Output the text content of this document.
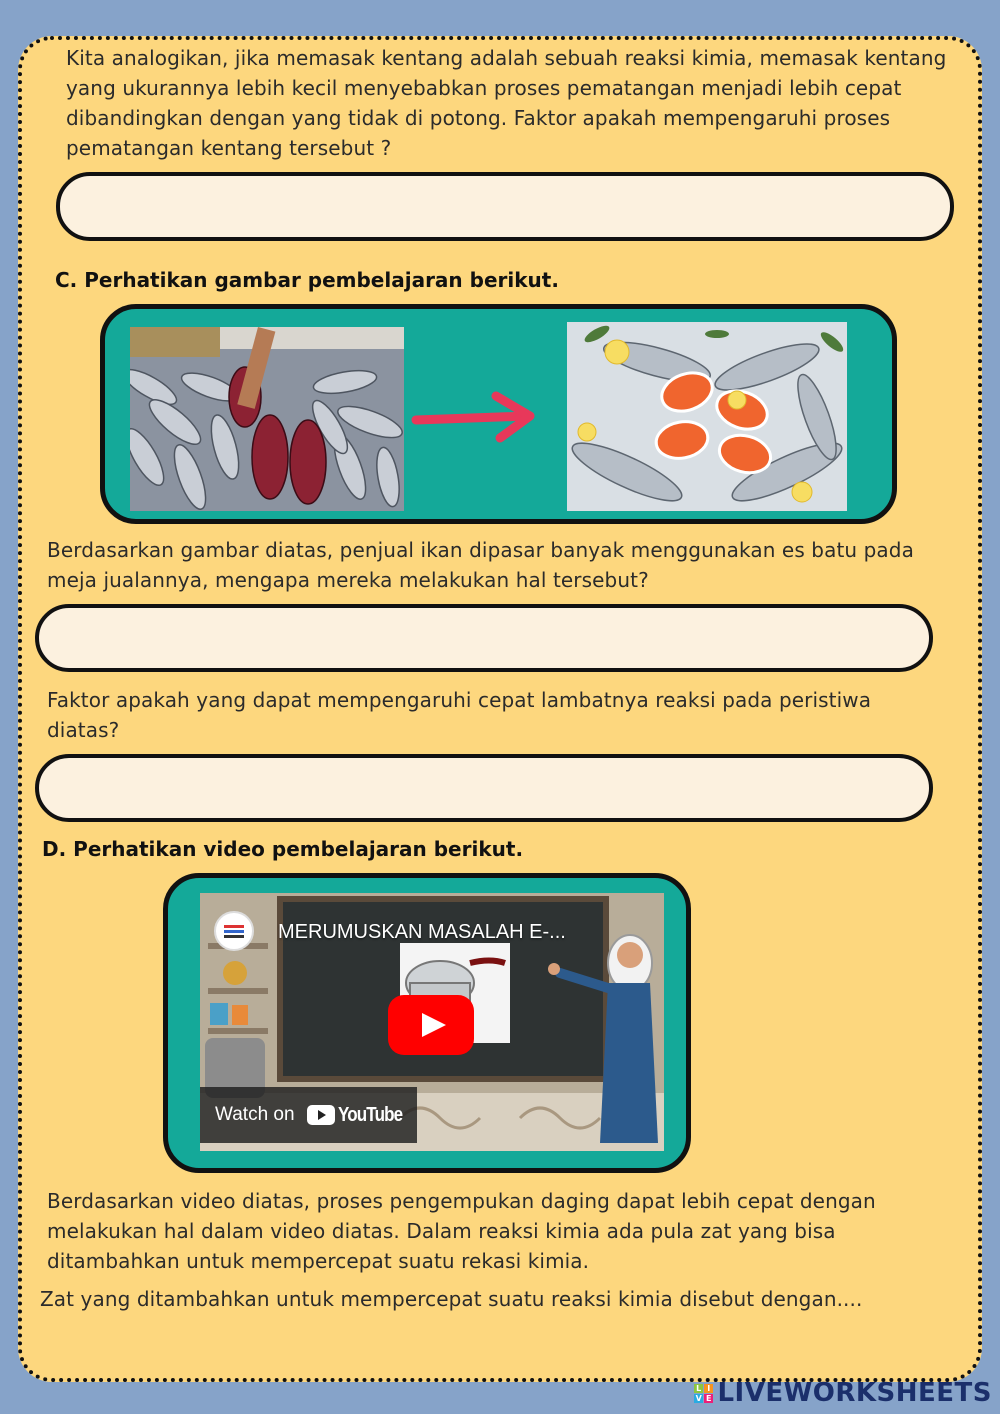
Kita analogikan, jika memasak kentang adalah sebuah reaksi kimia, memasak kentang yang ukurannya lebih kecil menyebabkan proses pematangan menjadi lebih cepat dibandingkan dengan yang tidak di potong. Faktor apakah mempengaruhi proses pematangan kentang tersebut ?

C. Perhatikan gambar pembelajaran berikut.

Berdasarkan gambar diatas, penjual ikan dipasar banyak menggunakan es batu pada meja jualannya, mengapa mereka melakukan hal tersebut?

Faktor apakah yang dapat mempengaruhi cepat lambatnya reaksi pada peristiwa diatas?

D. Perhatikan video pembelajaran berikut.

MERUMUSKAN MASALAH E-...
Watch on YouTube

Berdasarkan video diatas, proses pengempukan daging dapat lebih cepat dengan melakukan hal dalam video diatas. Dalam reaksi kimia ada pula zat yang bisa ditambahkan untuk mempercepat suatu rekasi kimia.

Zat yang ditambahkan untuk mempercepat suatu reaksi kimia disebut dengan....

L I
V E LIVEWORKSHEETS
